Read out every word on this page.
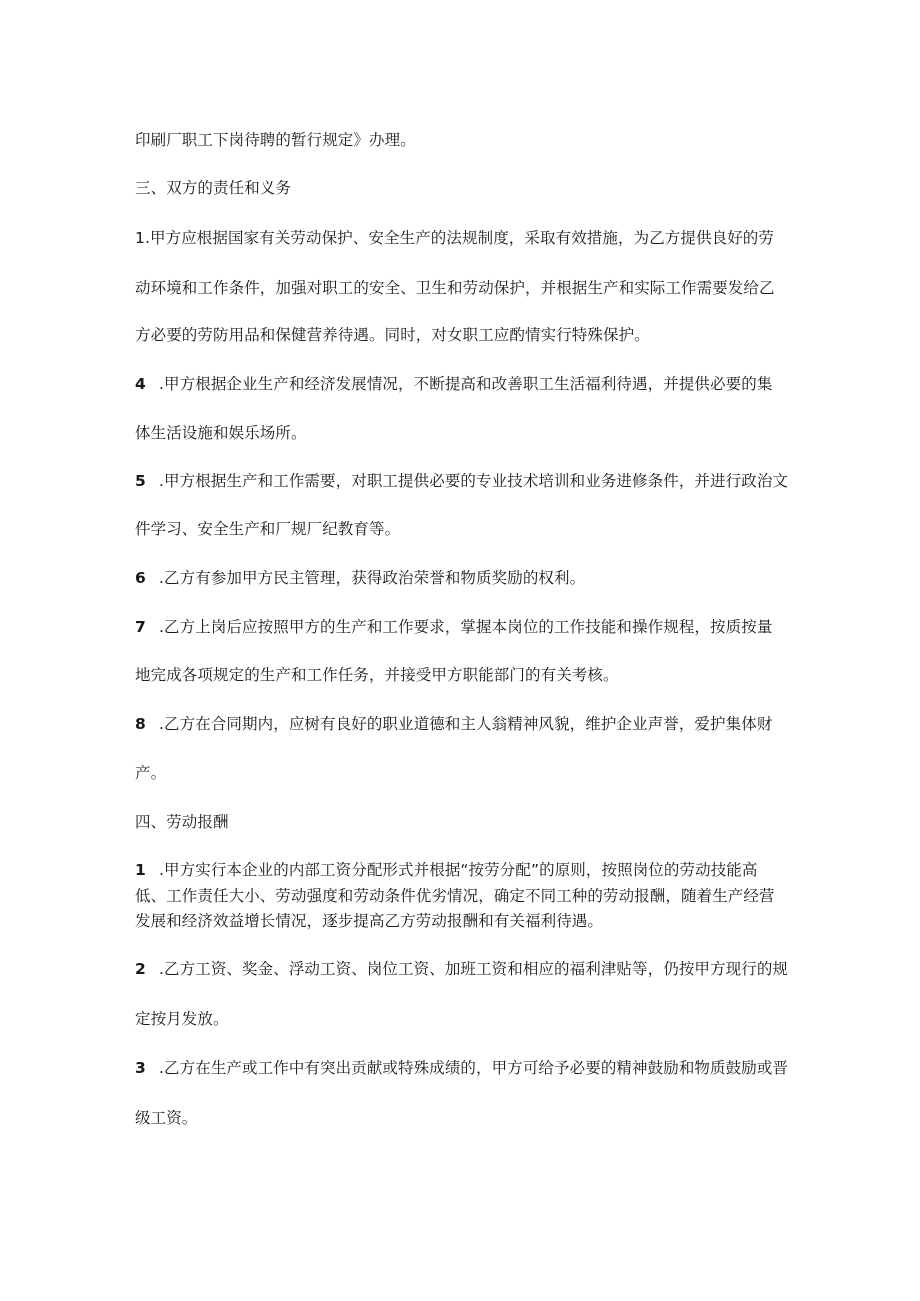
印刷厂职工下岗待聘的暂行规定》办理。

三、双方的责任和义务

1.甲方应根据国家有关劳动保护、安全生产的法规制度，采取有效措施，为乙方提供良好的劳

动环境和工作条件，加强对职工的安全、卫生和劳动保护，并根据生产和实际工作需要发给乙

方必要的劳防用品和保健营养待遇。同时，对女职工应酌情实行特殊保护。

4 .甲方根据企业生产和经济发展情况，不断提高和改善职工生活福利待遇，并提供必要的集

体生活设施和娱乐场所。

5 .甲方根据生产和工作需要，对职工提供必要的专业技术培训和业务进修条件，并进行政治文

件学习、安全生产和厂规厂纪教育等。

6 .乙方有参加甲方民主管理，获得政治荣誉和物质奖励的权利。

7 .乙方上岗后应按照甲方的生产和工作要求，掌握本岗位的工作技能和操作规程，按质按量

地完成各项规定的生产和工作任务，并接受甲方职能部门的有关考核。

8 .乙方在合同期内，应树有良好的职业道德和主人翁精神风貌，维护企业声誉，爱护集体财

产。

四、劳动报酬

1 .甲方实行本企业的内部工资分配形式并根据“按劳分配”的原则，按照岗位的劳动技能高

低、工作责任大小、劳动强度和劳动条件优劣情况，确定不同工种的劳动报酬，随着生产经营

发展和经济效益增长情况，逐步提高乙方劳动报酬和有关福利待遇。

2 .乙方工资、奖金、浮动工资、岗位工资、加班工资和相应的福利津贴等，仍按甲方现行的规

定按月发放。

3 .乙方在生产或工作中有突出贡献或特殊成绩的，甲方可给予必要的精神鼓励和物质鼓励或晋

级工资。
